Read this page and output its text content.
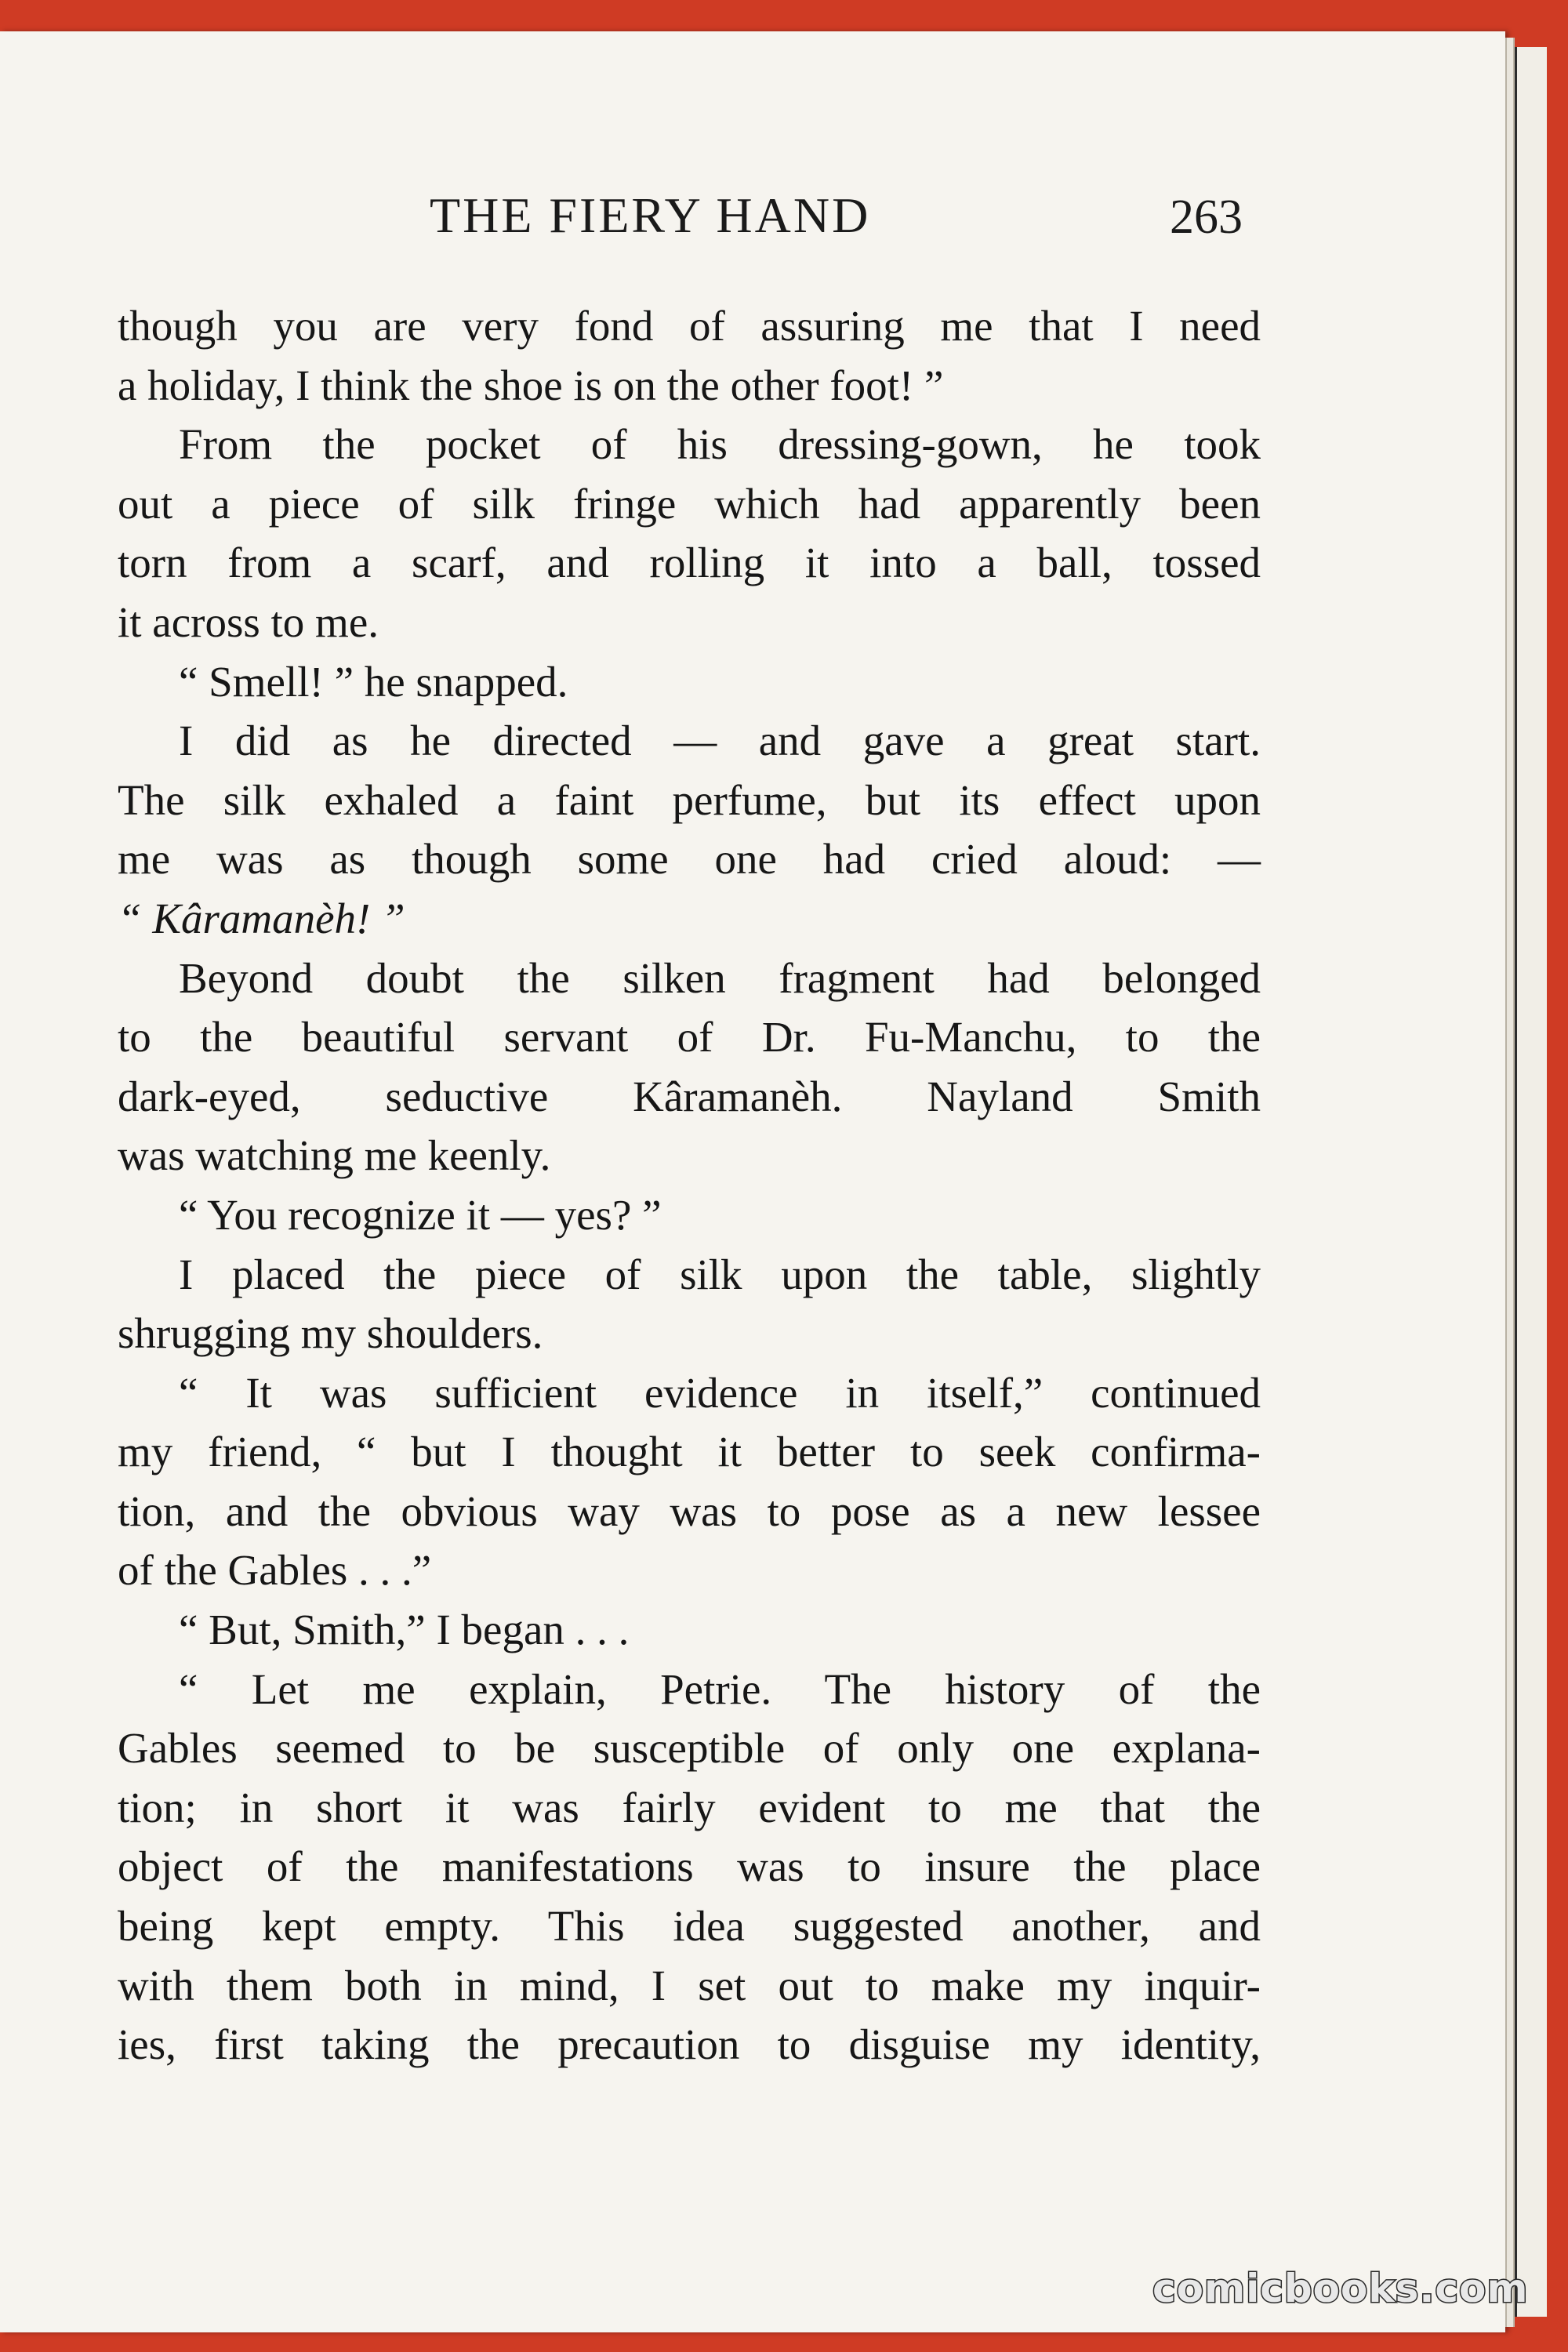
THE FIERY HAND	263
though you are very fond of assuring me that I need
a holiday, I think the shoe is on the other foot! ”
From the pocket of his dressing-gown, he took
out a piece of silk fringe which had apparently been
torn from a scarf, and rolling it into a ball, tossed
it across to me.
“ Smell! ” he snapped.
I did as he directed — and gave a great start.
The silk exhaled a faint perfume, but its effect upon
me was as though some one had cried aloud: —
“ Kâramanèh! ”
Beyond doubt the silken fragment had belonged
to the beautiful servant of Dr. Fu-Manchu, to the
dark-eyed, seductive Kâramanèh. Nayland Smith
was watching me keenly.
“ You recognize it — yes? ”
I placed the piece of silk upon the table, slightly
shrugging my shoulders.
“ It was sufficient evidence in itself,” continued
my friend, “ but I thought it better to seek confirma-
tion, and the obvious way was to pose as a new lessee
of the Gables . . .”
“ But, Smith,” I began . . .
“ Let me explain, Petrie. The history of the
Gables seemed to be susceptible of only one explana-
tion; in short it was fairly evident to me that the
object of the manifestations was to insure the place
being kept empty. This idea suggested another, and
with them both in mind, I set out to make my inquir-
ies, first taking the precaution to disguise my identity,
comicbooks.com
